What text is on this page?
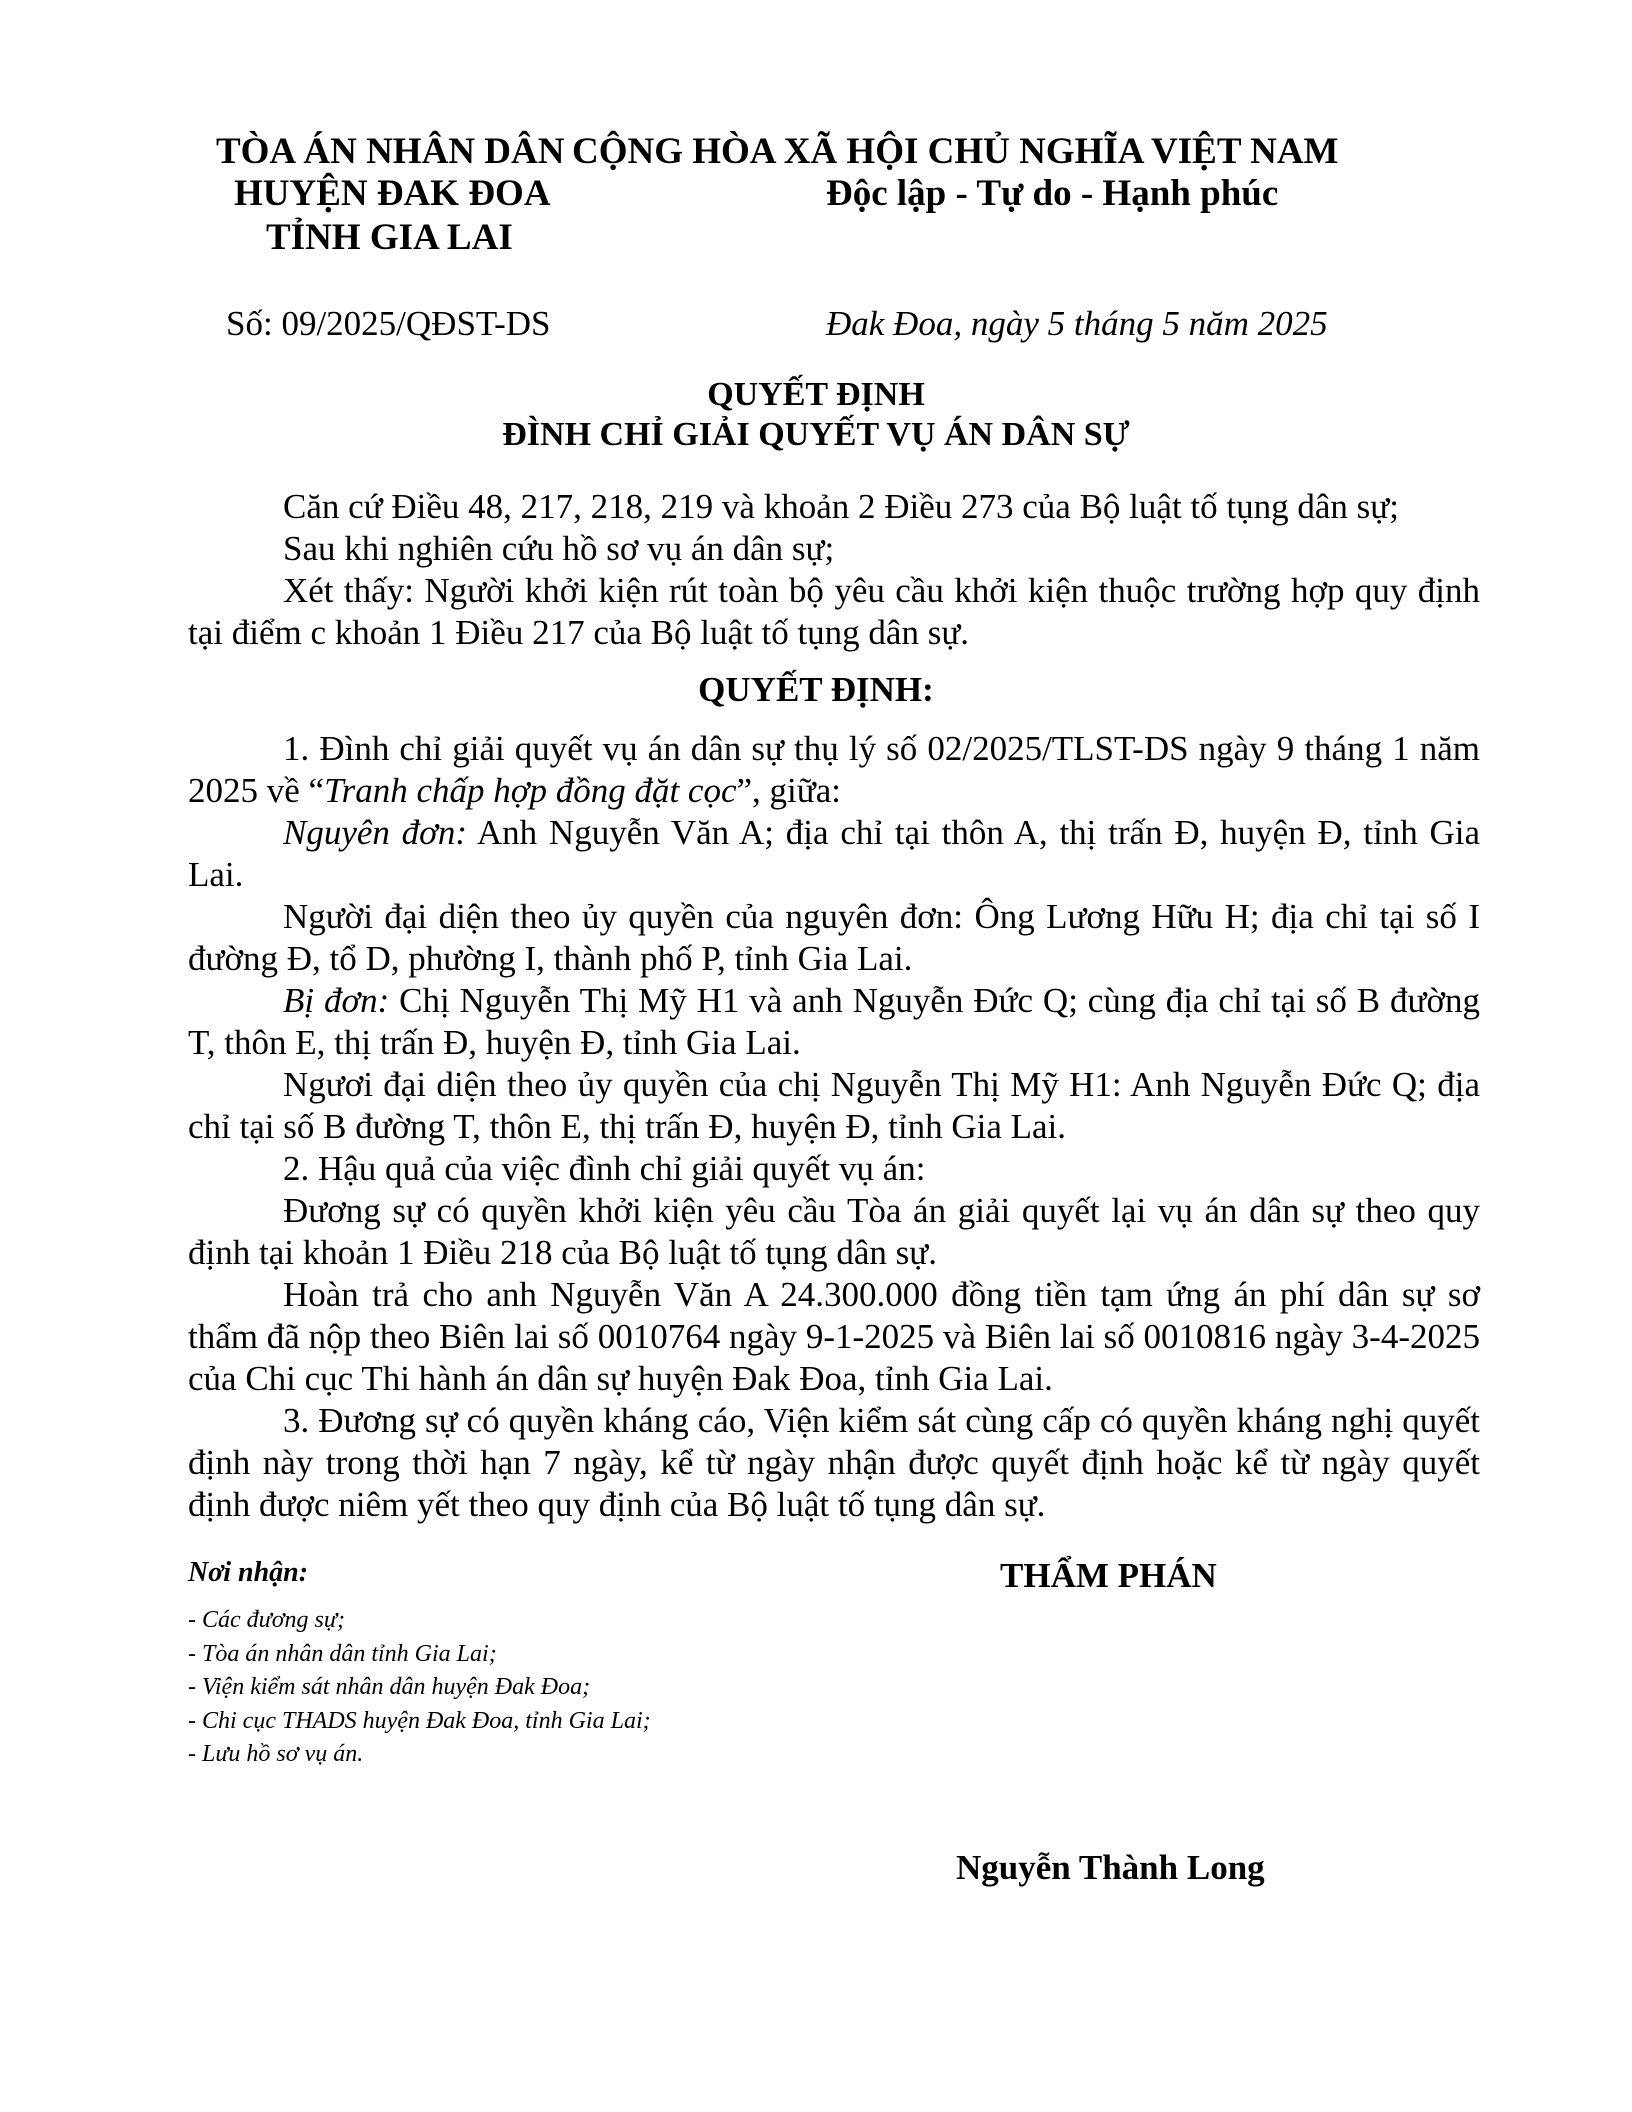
TÒA ÁN NHÂN DÂN
HUYỆN ĐAK ĐOA
TỈNH GIA LAI
CỘNG HÒA XÃ HỘI CHỦ NGHĨA VIỆT NAM
Độc lập - Tự do - Hạnh phúc
Số: 09/2025/QĐST-DS	Đak Đoa, ngày 5 tháng 5 năm 2025
QUYẾT ĐỊNH
ĐÌNH CHỈ GIẢI QUYẾT VỤ ÁN DÂN SỰ
Căn cứ Điều 48, 217, 218, 219 và khoản 2 Điều 273 của Bộ luật tố tụng dân sự;
Sau khi nghiên cứu hồ sơ vụ án dân sự;
Xét thấy: Người khởi kiện rút toàn bộ yêu cầu khởi kiện thuộc trường hợp quy định tại điểm c khoản 1 Điều 217 của Bộ luật tố tụng dân sự.
QUYẾT ĐỊNH:
1. Đình chỉ giải quyết vụ án dân sự thụ lý số 02/2025/TLST-DS ngày 9 tháng 1 năm 2025 về “Tranh chấp hợp đồng đặt cọc”, giữa:
Nguyên đơn: Anh Nguyễn Văn A; địa chỉ tại thôn A, thị trấn Đ, huyện Đ, tỉnh Gia Lai.
Người đại diện theo ủy quyền của nguyên đơn: Ông Lương Hữu H; địa chỉ tại số I đường Đ, tổ D, phường I, thành phố P, tỉnh Gia Lai.
Bị đơn: Chị Nguyễn Thị Mỹ H1 và anh Nguyễn Đức Q; cùng địa chỉ tại số B đường T, thôn E, thị trấn Đ, huyện Đ, tỉnh Gia Lai.
Ngươi đại diện theo ủy quyền của chị Nguyễn Thị Mỹ H1: Anh Nguyễn Đức Q; địa chỉ tại số B đường T, thôn E, thị trấn Đ, huyện Đ, tỉnh Gia Lai.
2. Hậu quả của việc đình chỉ giải quyết vụ án:
Đương sự có quyền khởi kiện yêu cầu Tòa án giải quyết lại vụ án dân sự theo quy định tại khoản 1 Điều 218 của Bộ luật tố tụng dân sự.
Hoàn trả cho anh Nguyễn Văn A 24.300.000 đồng tiền tạm ứng án phí dân sự sơ thẩm đã nộp theo Biên lai số 0010764 ngày 9-1-2025 và Biên lai số 0010816 ngày 3-4-2025 của Chi cục Thi hành án dân sự huyện Đak Đoa, tỉnh Gia Lai.
3. Đương sự có quyền kháng cáo, Viện kiểm sát cùng cấp có quyền kháng nghị quyết định này trong thời hạn 7 ngày, kể từ ngày nhận được quyết định hoặc kể từ ngày quyết định được niêm yết theo quy định của Bộ luật tố tụng dân sự.
Nơi nhận:
- Các đương sự;
- Tòa án nhân dân tỉnh Gia Lai;
- Viện kiểm sát nhân dân huyện Đak Đoa;
- Chi cục THADS huyện Đak Đoa, tỉnh Gia Lai;
- Lưu hồ sơ vụ án.
THẨM PHÁN
Nguyễn Thành Long
